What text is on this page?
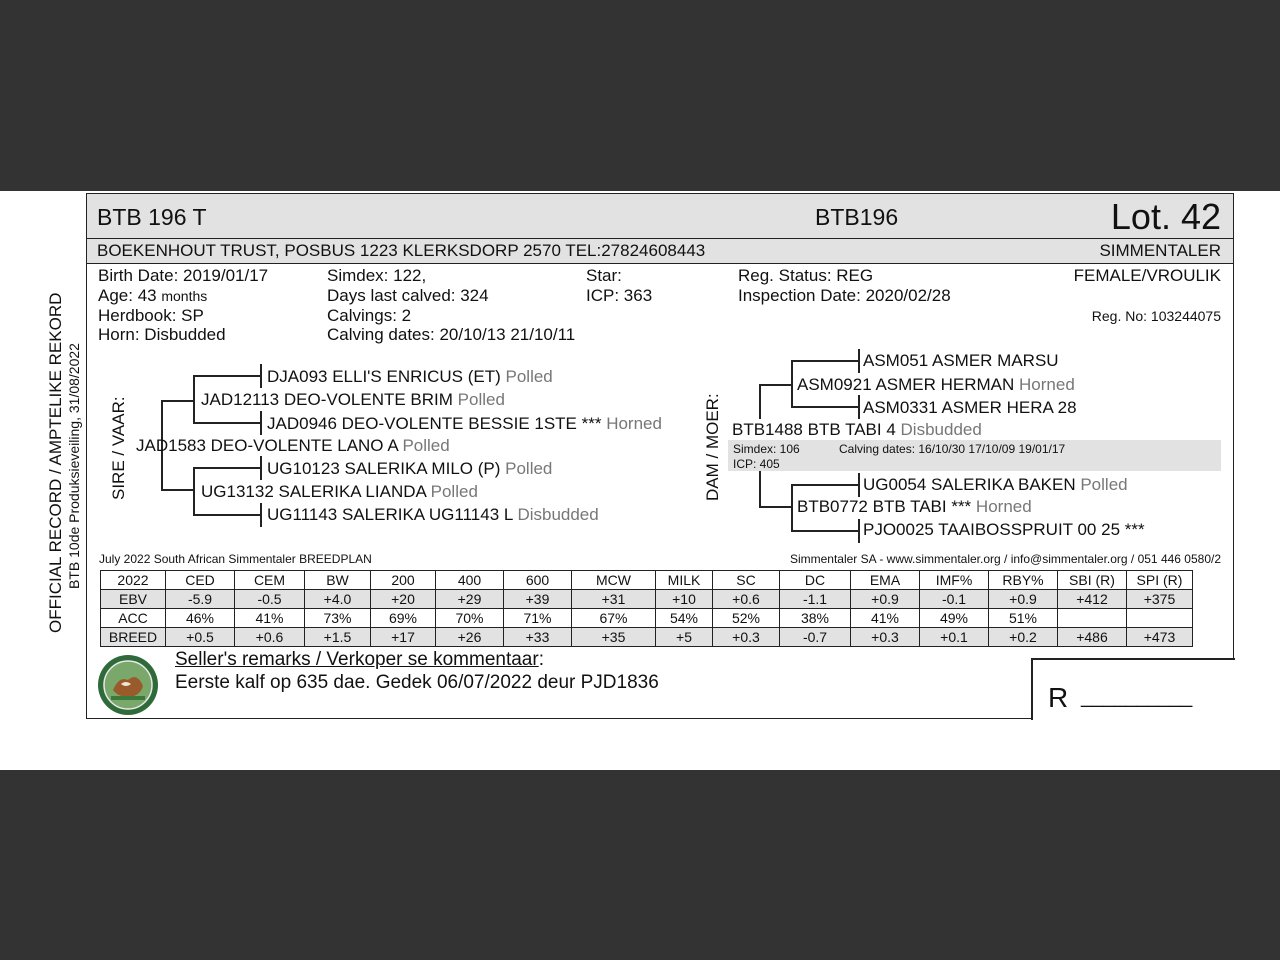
OFFICIAL RECORD / AMPTELIKE REKORD BTB 10de Produksieveiling, 31/08/2022
BTB 196 T	BTB196	Lot. 42
BOEKENHOUT TRUST, POSBUS 1223 KLERKSDORP 2570 TEL:27824608443	SIMMENTALER
Birth Date: 2019/01/17
Age: 43 months
Herdbook: SP
Horn: Disbudded
Simdex: 122,
Days last calved: 324
Calvings: 2
Calving dates: 20/10/13 21/10/11
Star:
ICP: 363
Reg. Status: REG
Inspection Date: 2020/02/28
FEMALE/VROULIK
Reg. No: 103244075
SIRE / VAAR:
DJA093 ELLI'S ENRICUS (ET) Polled
JAD12113 DEO-VOLENTE BRIM Polled
JAD0946 DEO-VOLENTE BESSIE 1STE *** Horned
JAD1583 DEO-VOLENTE LANO A Polled
UG10123 SALERIKA MILO (P) Polled
UG13132 SALERIKA LIANDA Polled
UG11143 SALERIKA UG11143 L Disbudded
DAM / MOER:
ASM051 ASMER MARSU
ASM0921 ASMER HERMAN Horned
ASM0331 ASMER HERA 28
BTB1488 BTB TABI 4 Disbudded
Simdex: 106	Calving dates: 16/10/30 17/10/09 19/01/17
ICP: 405
UG0054 SALERIKA BAKEN Polled
BTB0772 BTB TABI *** Horned
PJO0025 TAAIBOSSPRUIT 00 25 ***
July 2022 South African Simmentaler BREEDPLAN	Simmentaler SA - www.simmentaler.org / info@simmentaler.org / 051 446 0580/2
2022	CED	CEM	BW	200	400	600	MCW	MILK	SC	DC	EMA	IMF%	RBY%	SBI (R)	SPI (R)
EBV	-5.9	-0.5	+4.0	+20	+29	+39	+31	+10	+0.6	-1.1	+0.9	-0.1	+0.9	+412	+375
ACC	46%	41%	73%	69%	70%	71%	67%	54%	52%	38%	41%	49%	51%		
BREED	+0.5	+0.6	+1.5	+17	+26	+33	+35	+5	+0.3	-0.7	+0.3	+0.1	+0.2	+486	+473
Seller's remarks / Verkoper se kommentaar:
Eerste kalf op 635 dae. Gedek 06/07/2022 deur PJD1836	R __________
